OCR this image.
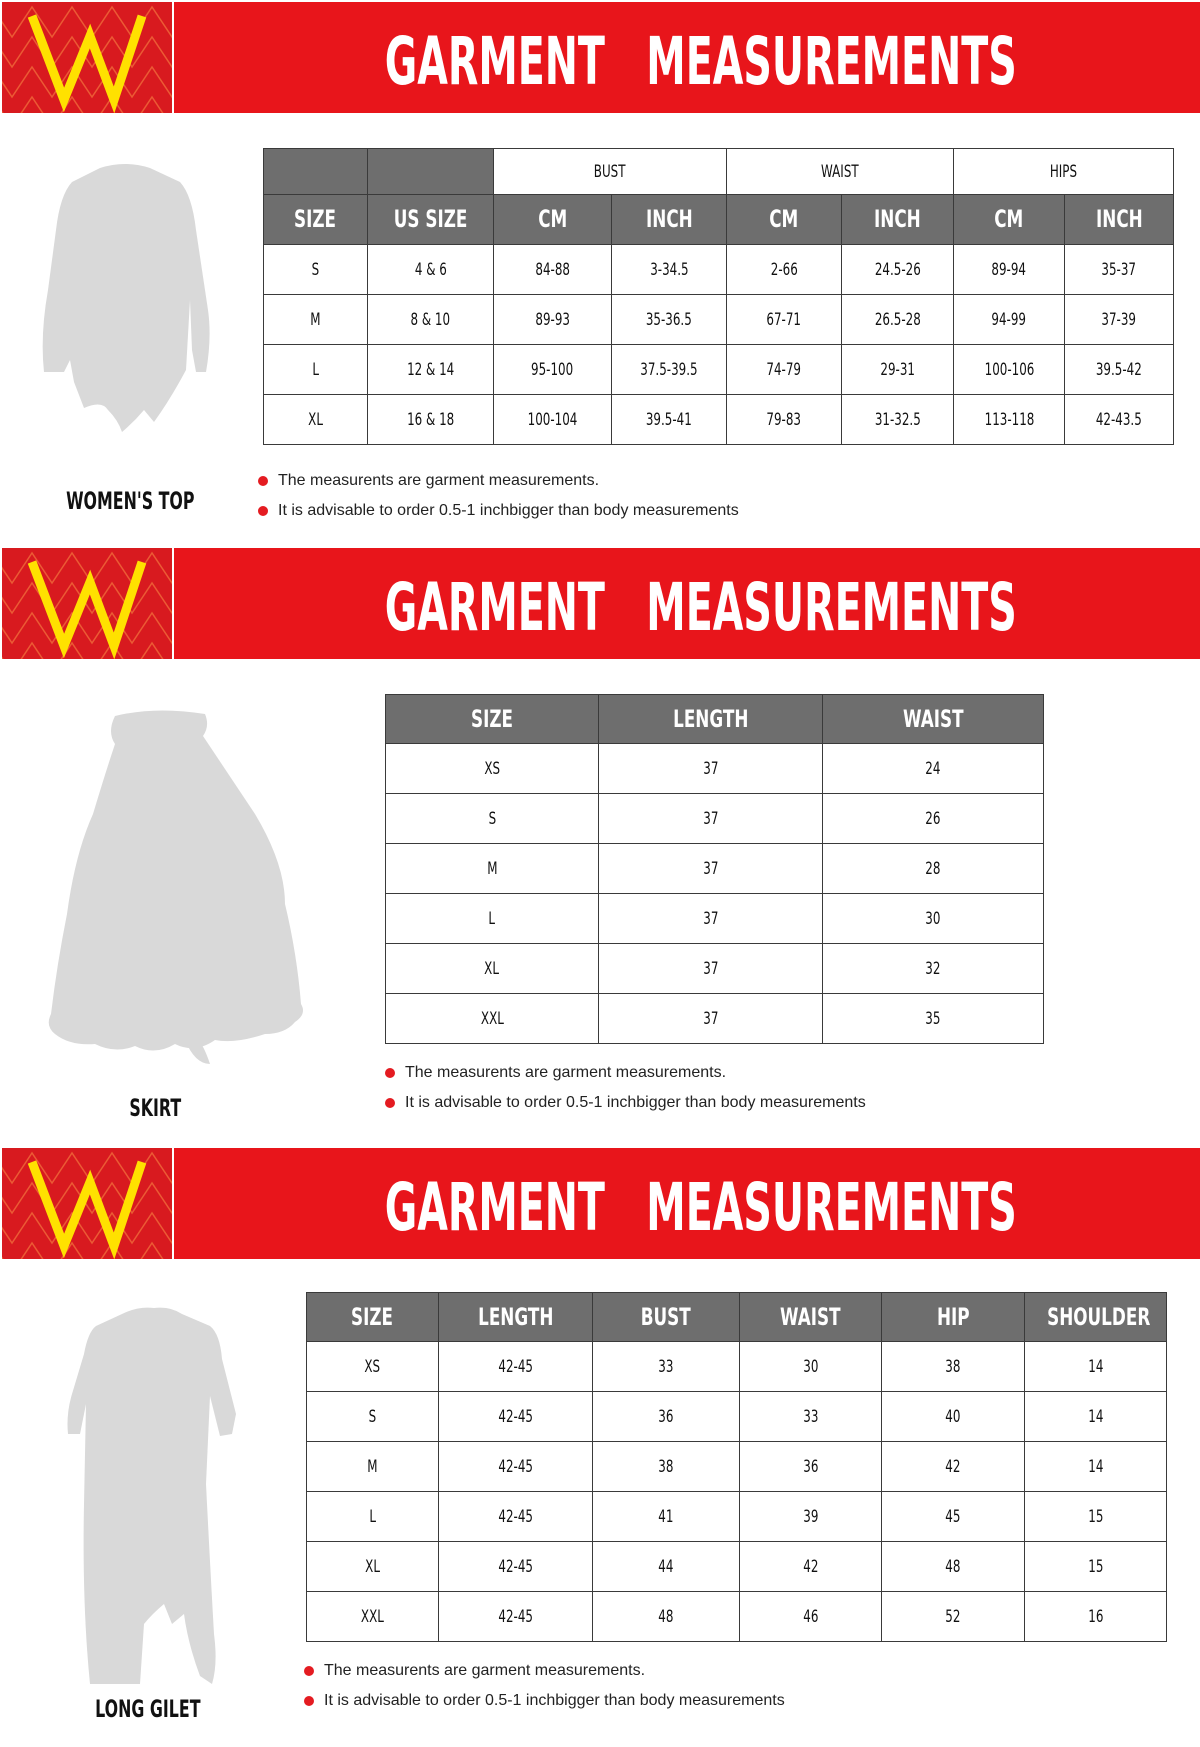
GARMENT   MEASUREMENTS
WOMEN'S TOP
		BUST		WAIST		HIPS	
SIZE	US SIZE	CM	INCH	CM	INCH	CM	INCH
S	4 & 6	84-88	3-34.5	2-66	24.5-26	89-94	35-37
M	8 & 10	89-93	35-36.5	67-71	26.5-28	94-99	37-39
L	12 & 14	95-100	37.5-39.5	74-79	29-31	100-106	39.5-42
XL	16 & 18	100-104	39.5-41	79-83	31-32.5	113-118	42-43.5
The measurents are garment measurements.
It is advisable to order 0.5-1 inchbigger than body measurements
GARMENT   MEASUREMENTS
SKIRT
SIZE	LENGTH	WAIST
XS	37	24
S	37	26
M	37	28
L	37	30
XL	37	32
XXL	37	35
The measurents are garment measurements.
It is advisable to order 0.5-1 inchbigger than body measurements
GARMENT   MEASUREMENTS
LONG GILET
SIZE	LENGTH	BUST	WAIST	HIP	SHOULDER
XS	42-45	33	30	38	14
S	42-45	36	33	40	14
M	42-45	38	36	42	14
L	42-45	41	39	45	15
XL	42-45	44	42	48	15
XXL	42-45	48	46	52	16
The measurents are garment measurements.
It is advisable to order 0.5-1 inchbigger than body measurements
